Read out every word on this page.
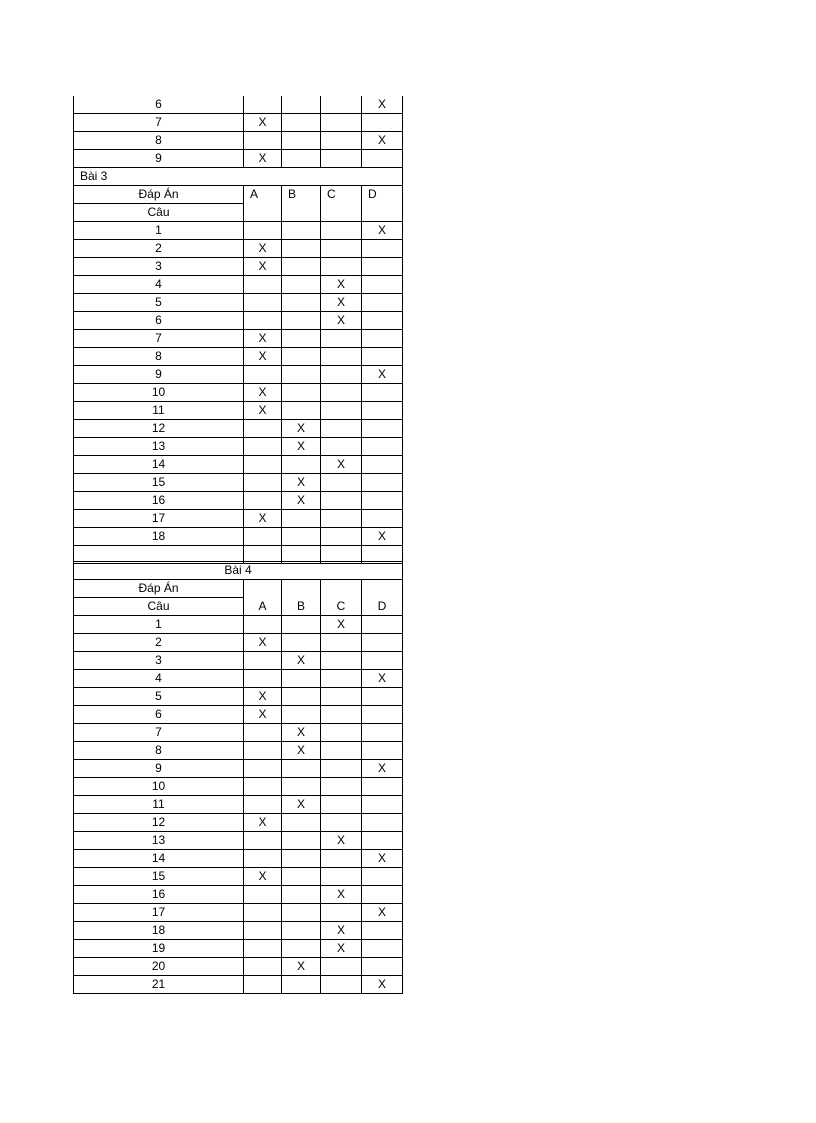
6				X
7	X			
8				X
9	X			
Bài 3				
Đáp Án	A	B	C	D
Câu				
1				X
2	X			
3	X			
4			X	
5			X	
6			X	
7	X			
8	X			
9				X
10	X			
11	X			
12		X		
13		X		
14			X	
15		X		
16		X		
17	X			
18				X

Bài 4				
Đáp Án	A	B	C	D
Câu				
1			X	
2	X			
3		X		
4				X
5	X			
6	X			
7		X		
8		X		
9				X
10				
11		X		
12	X			
13			X	
14				X
15	X			
16			X	
17				X
18			X	
19			X	
20		X		
21				X
